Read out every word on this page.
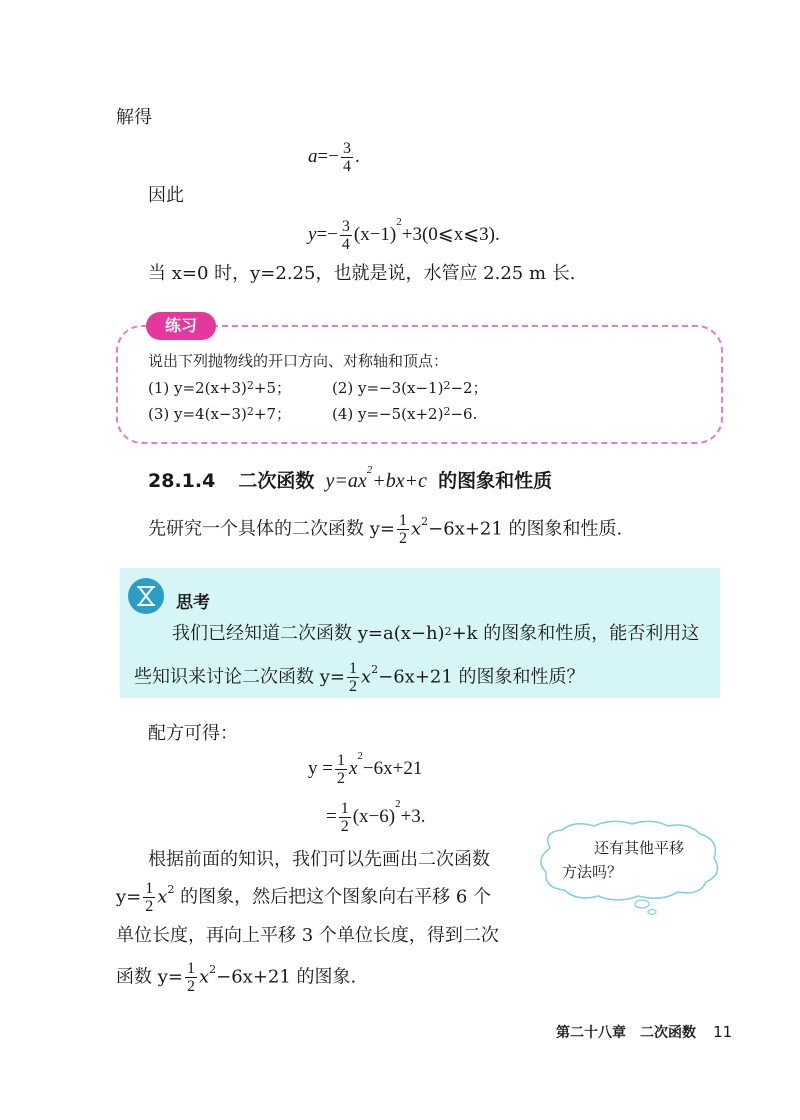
解得
$a=- \frac{3}{4}$ .
因此
$y=- \frac{3}{4}$ $(x-1)^2+3(0⩽x⩽3)$.
当 x=0 时，y=2.25，也就是说，水管应 2.25 m 长.
练习
说出下列抛物线的开口方向、对称轴和顶点：
(1) $y=2(x+3)^2+5$；	(2) $y=-3(x-1)^2-2$；
(3) $y=4(x-3)^2+7$；	(4) $y=-5(x+2)^2-6$.
28.1.4 二次函数 $y=ax^2+bx+c$ 的图象和性质
先研究一个具体的二次函数 $y= \frac{1}{2} x^2-6x+21$ 的图象和性质.
思考
我们已经知道二次函数 $y=a(x-h)^2+k$ 的图象和性质，能否利用这
些知识来讨论二次函数 $y= \frac{1}{2} x^2-6x+21$ 的图象和性质？
配方可得：
$y = \frac{1}{2} x^2-6x+21$
= $\frac{1}{2} (x-6)^2+3$.
根据前面的知识，我们可以先画出二次函数
$y= \frac{1}{2} x^2$ 的图象，然后把这个图象向右平移 6 个
单位长度，再向上平移 3 个单位长度，得到二次
函数 $y= \frac{1}{2} x^2-6x+21$ 的图象.
还有其他平移
方法吗？
第二十八章　二次函数 11
